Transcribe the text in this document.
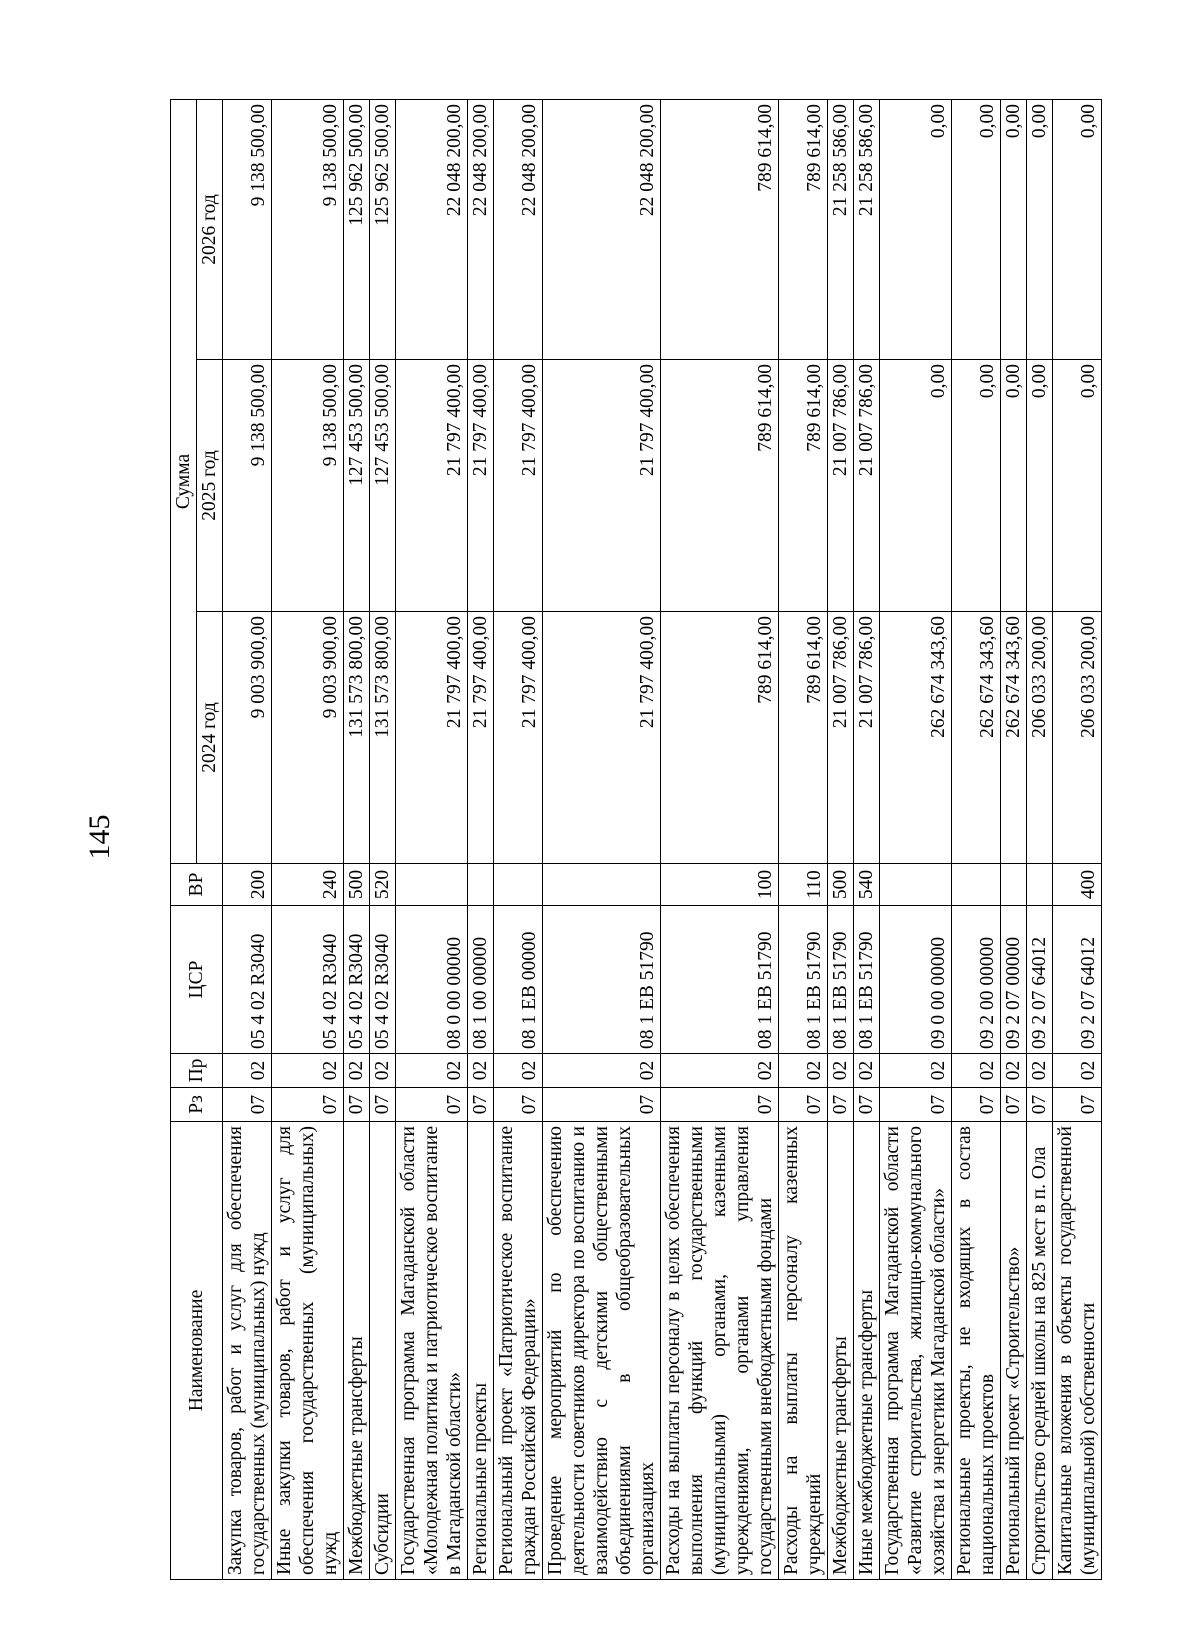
145
Наименование	Рз	Пр	ЦСР	ВР	Сумма		
					2024 год	2025 год	2026 год
Закупка товаров, работ и услуг для обеспечения государственных (муниципальных) нужд	07	02	05 4 02 R3040	200	9 003 900,00	9 138 500,00	9 138 500,00
Иные закупки товаров, работ и услуг для обеспечения государственных (муниципальных) нужд	07	02	05 4 02 R3040	240	9 003 900,00	9 138 500,00	9 138 500,00
Межбюджетные трансферты	07	02	05 4 02 R3040	500	131 573 800,00	127 453 500,00	125 962 500,00
Субсидии	07	02	05 4 02 R3040	520	131 573 800,00	127 453 500,00	125 962 500,00
Государственная программа Магаданской области «Молодежная политика и патриотическое воспитание в Магаданской области»	07	02	08 0 00 00000		21 797 400,00	21 797 400,00	22 048 200,00
Региональные проекты	07	02	08 1 00 00000		21 797 400,00	21 797 400,00	22 048 200,00
Региональный проект «Патриотическое воспитание граждан Российской Федерации»	07	02	08 1 ЕВ 00000		21 797 400,00	21 797 400,00	22 048 200,00
Проведение мероприятий по обеспечению деятельности советников директора по воспитанию и взаимодействию с детскими общественными объединениями в общеобразовательных организациях	07	02	08 1 ЕВ 51790		21 797 400,00	21 797 400,00	22 048 200,00
Расходы на выплаты персоналу в целях обеспечения выполнения функций государственными (муниципальными) органами, казенными учреждениями, органами управления государственными внебюджетными фондами	07	02	08 1 ЕВ 51790	100	789 614,00	789 614,00	789 614,00
Расходы на выплаты персоналу казенных учреждений	07	02	08 1 ЕВ 51790	110	789 614,00	789 614,00	789 614,00
Межбюджетные трансферты	07	02	08 1 ЕВ 51790	500	21 007 786,00	21 007 786,00	21 258 586,00
Иные межбюджетные трансферты	07	02	08 1 ЕВ 51790	540	21 007 786,00	21 007 786,00	21 258 586,00
Государственная программа Магаданской области «Развитие строительства, жилищно-коммунального хозяйства и энергетики Магаданской области»	07	02	09 0 00 00000		262 674 343,60	0,00	0,00
Региональные проекты, не входящих в состав национальных проектов	07	02	09 2 00 00000		262 674 343,60	0,00	0,00
Региональный проект «Строительство»	07	02	09 2 07 00000		262 674 343,60	0,00	0,00
Строительство средней школы на 825 мест в п. Ола	07	02	09 2 07 64012		206 033 200,00	0,00	0,00
Капитальные вложения в объекты государственной (муниципальной) собственности	07	02	09 2 07 64012	400	206 033 200,00	0,00	0,00
